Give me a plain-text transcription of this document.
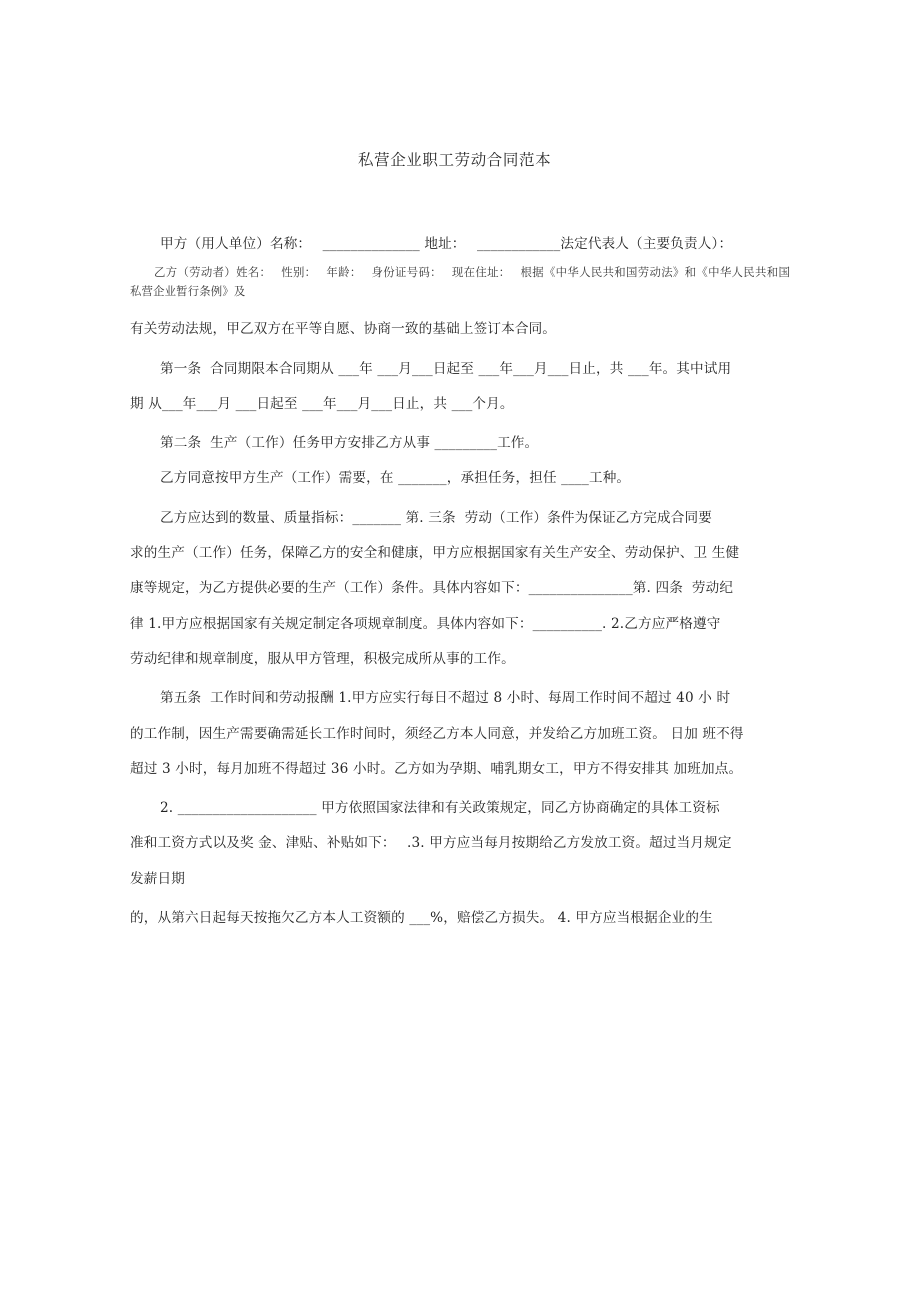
私营企业职工劳动合同范本

甲方（用人单位）名称：　 ______________ 地址：　 ____________法定代表人（主要负责人）：

乙方（劳动者）姓名：　 性别：　 年龄：　 身份证号码：　 现在住址：　 根据《中华人民共和国劳动法》和《中华人民共和国私营企业暂行条例》及

有关劳动法规，甲乙双方在平等自愿、协商一致的基础上签订本合同。

第一条  合同期限本合同期从 ___年 ___月___日起至 ___年___月___日止，共 ___年。其中试用

期 从___年___月 ___日起至 ___年___月___日止，共 ___个月。

第二条  生产（工作）任务甲方安排乙方从事 _________工作。

乙方同意按甲方生产（工作）需要，在 _______，承担任务，担任 ____工种。

乙方应达到的数量、质量指标：_______ 第. 三条  劳动（工作）条件为保证乙方完成合同要

求的生产（工作）任务，保障乙方的安全和健康，甲方应根据国家有关生产安全、劳动保护、卫 生健

康等规定，为乙方提供必要的生产（工作）条件。具体内容如下：_______________第. 四条  劳动纪

律 1.甲方应根据国家有关规定制定各项规章制度。具体内容如下：__________. 2.乙方应严格遵守

劳动纪律和规章制度，服从甲方管理，积极完成所从事的工作。

第五条  工作时间和劳动报酬 1.甲方应实行每日不超过 8 小时、每周工作时间不超过 40 小 时

的工作制，因生产需要确需延长工作时间时，须经乙方本人同意，并发给乙方加班工资。 日加 班不得

超过 3 小时，每月加班不得超过 36 小时。乙方如为孕期、哺乳期女工，甲方不得安排其 加班加点。

2. ____________________ 甲方依照国家法律和有关政策规定，同乙方协商确定的具体工资标

准和工资方式以及奖 金、津贴、补贴如下：　 .3. 甲方应当每月按期给乙方发放工资。超过当月规定

发薪日期

的，从第六日起每天按拖欠乙方本人工资额的 ___%，赔偿乙方损失。 4. 甲方应当根据企业的生
